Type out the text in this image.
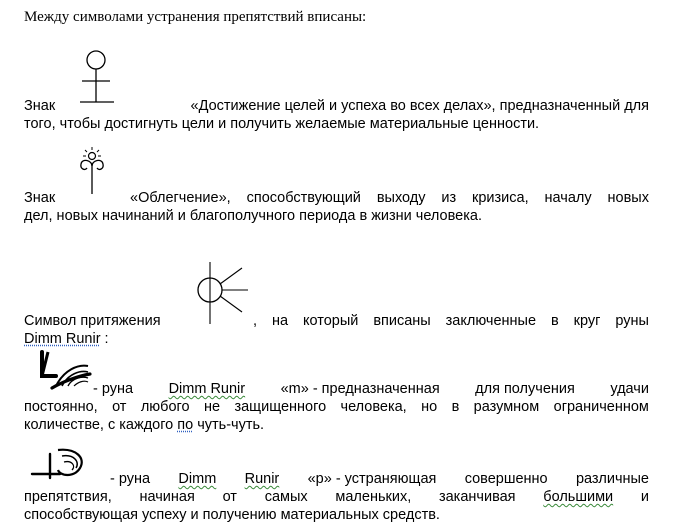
Между символами устранения препятствий вписаны:
Знак	«Достижение целей и успеха во всех делах», предназначенный для
того, чтобы достигнуть цели и получить желаемые материальные ценности.
Знак	«Облегчение», способствующий выходу из кризиса, началу новых
дел, новых начинаний и благополучного периода в жизни человека.
Символ притяжения	, на который вписаны заключенные в круг руны
Dimm Runir :
- руна Dimm Runir «m» - предназначенная для получения удачи
постоянно, от любого не защищенного человека, но в разумном ограниченном
количестве, с каждого по чуть-чуть.
- руна Dimm Runir «р» - устраняющая совершенно различные
препятствия, начиная от самых маленьких, заканчивая большими и
способствующая успеху и получению материальных средств.
